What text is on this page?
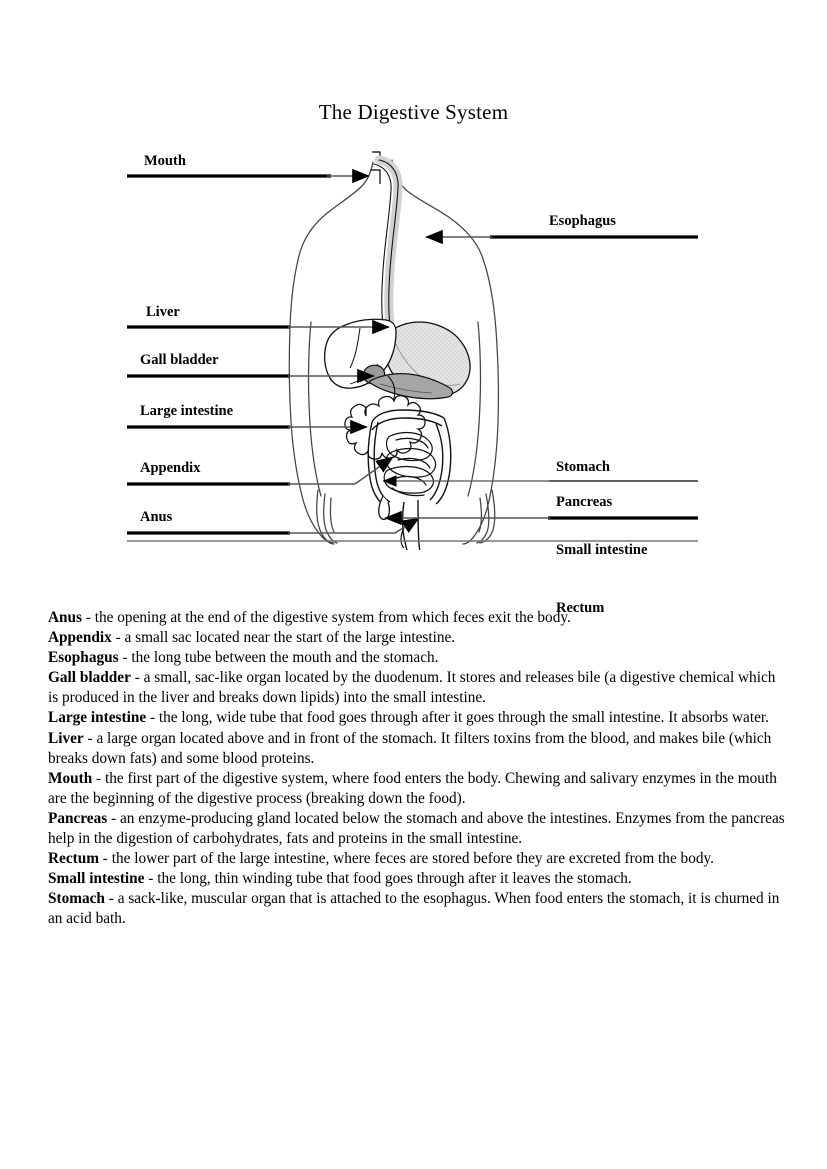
The Digestive System
Mouth
Liver
Gall bladder
Large intestine
Appendix
Anus
Esophagus
Stomach
Pancreas
Small intestine
Rectum

Anus - the opening at the end of the digestive system from which feces exit the body.

Appendix - a small sac located near the start of the large intestine.

Esophagus - the long tube between the mouth and the stomach.

Gall bladder - a small, sac-like organ located by the duodenum. It stores and releases bile (a digestive chemical which is produced in the liver and breaks down lipids) into the small intestine.

Large intestine - the long, wide tube that food goes through after it goes through the small intestine. It absorbs water.

Liver - a large organ located above and in front of the stomach. It filters toxins from the blood, and makes bile (which breaks down fats) and some blood proteins.

Mouth - the first part of the digestive system, where food enters the body. Chewing and salivary enzymes in the mouth are the beginning of the digestive process (breaking down the food).

Pancreas - an enzyme-producing gland located below the stomach and above the intestines. Enzymes from the pancreas help in the digestion of carbohydrates, fats and proteins in the small intestine.

Rectum - the lower part of the large intestine, where feces are stored before they are excreted from the body.

Small intestine - the long, thin winding tube that food goes through after it leaves the stomach.

Stomach - a sack-like, muscular organ that is attached to the esophagus. When food enters the stomach, it is churned in an acid bath.
